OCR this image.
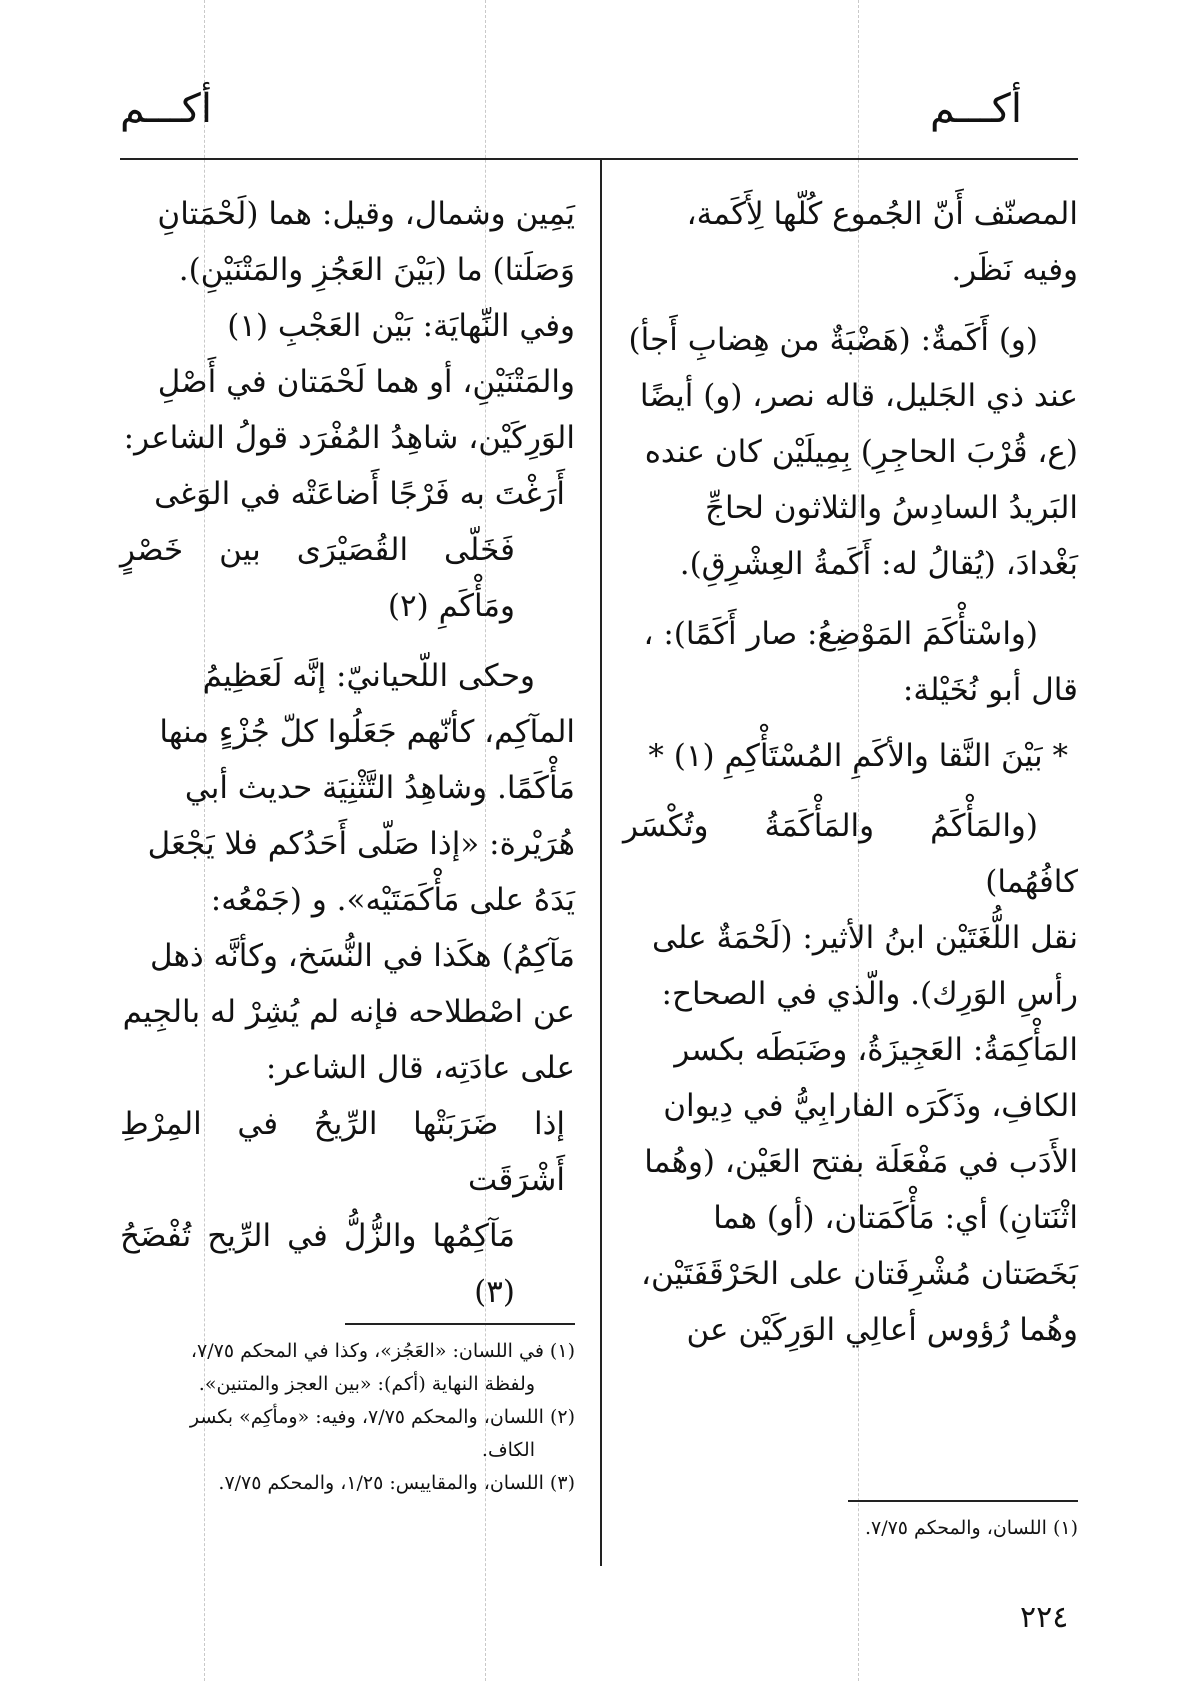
أكـــم
أكـــم

المصنّف أَنّ الجُموع كُلّها لِأَكَمة،

وفيه نَظَر.

(و) أَكَمةٌ: (هَضْبَةٌ من هِضابِ أَجأ)

عند ذي الجَليل، قاله نصر، (و) أيضًا

(ع، قُرْبَ الحاجِرِ) بِمِيلَيْن كان عنده

البَريدُ السادِسُ والثلاثون لحاجِّ

بَغْدادَ، (يُقالُ له: أَكَمةُ العِشْرِقِ).

(واسْتأْكَمَ المَوْضِعُ: صار أَكَمًا): ،

قال أبو نُخَيْلة:

* بَيْنَ النَّقا والأكَمِ المُسْتَأْكِمِ (١) *

(والمَأْكَمُ والمَأْكَمَةُ وتُكْسَر كافُهُما)

نقل اللُّغَتَيْن ابنُ الأثير: (لَحْمَةٌ على

رأسِ الوَرِك). والّذي في الصحاح:

المَأْكِمَةُ: العَجِيزَةُ، وضَبَطَه بكسر

الكافِ، وذَكَرَه الفارابِيُّ في دِيوان

الأَدَب في مَفْعَلَة بفتح العَيْن، (وهُما

اثْنَتانِ) أي: مَأْكَمَتان، (أو) هما

بَخَصَتان مُشْرِفَتان على الحَرْقَفَتَيْن،

وهُما رُؤوس أعالِي الوَرِكَيْن عن

(١) اللسان، والمحكم ٧/٧٥.

يَمِين وشمال، وقيل: هما (لَحْمَتانِ

وَصَلَتا) ما (بَيْنَ العَجُزِ والمَتْنَيْنِ).

وفي النِّهايَة: بَيْن العَجْبِ (١)

والمَتْنَيْنِ، أو هما لَحْمَتان في أَصْلِ

الوَرِكَيْن، شاهِدُ المُفْرَد قولُ الشاعر:

أَرَغْتَ به فَرْجًا أَضاعَتْه في الوَغى

فَخَلّى القُصَيْرَى بين خَصْرٍ ومَأْكَمِ (٢)

وحكى اللّحيانيّ: إنَّه لَعَظِيمُ

المآكِم، كأنّهم جَعَلُوا كلّ جُزْءٍ منها

مَأْكَمًا. وشاهِدُ التَّثْنِيَة حديث أبي

هُرَيْرة: «إذا صَلّى أَحَدُكم فلا يَجْعَل

يَدَهُ على مَأْكَمَتَيْه». و (جَمْعُه:

مَآكِمُ) هكَذا في النُّسَخ، وكأنَّه ذهل

عن اصْطلاحه فإنه لم يُشِرْ له بالجِيم

على عادَتِه، قال الشاعر:

إذا ضَرَبَتْها الرِّيحُ في المِرْطِ أَشْرَقَت

مَآكِمُها والزُّلُّ في الرِّيح تُفْضَحُ (٣)

(١) في اللسان: «العَجُز»، وكذا في المحكم ٧/٧٥،

ولفظة النهاية (أكم): «بين العجز والمتنين».

(٢) اللسان، والمحكم ٧/٧٥، وفيه: «ومأكِم» بكسر

الكاف.

(٣) اللسان، والمقاييس: ١/٢٥، والمحكم ٧/٧٥.

٢٢٤
